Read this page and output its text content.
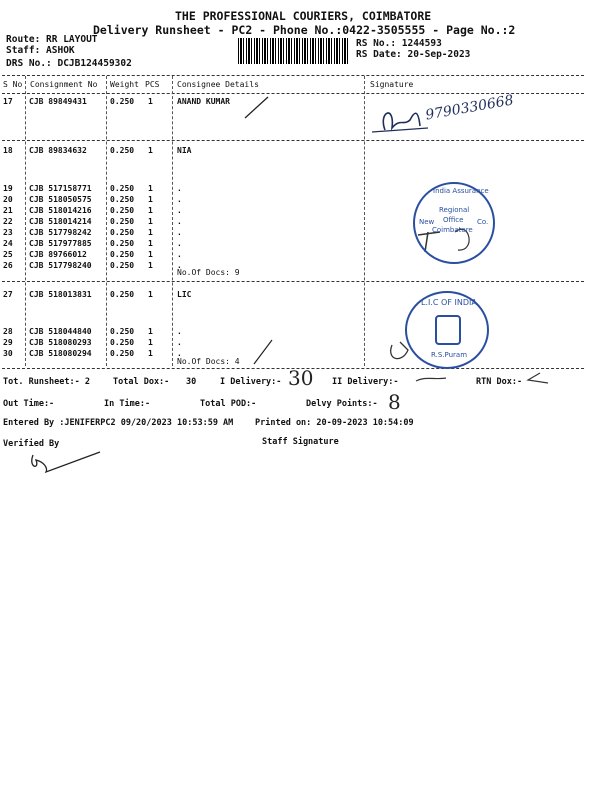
THE PROFESSIONAL COURIERS, COIMBATORE
Delivery Runsheet - PC2 - Phone No.:0422-3505555 - Page No.:2
Route: RR LAYOUT
Staff: ASHOK
DRS No.: DCJB124459302
RS No.: 1244593
RS Date: 20-Sep-2023
S No Consignment No Weight PCS Consignee Details	Signature
17 CJB 89849431	0.250 1	ANAND KUMAR
18 CJB 89834632	0.250 1	NIA
19 CJB 517158771 0.250 1	.
20 CJB 518050575 0.250 1	.
21 CJB 518014216 0.250 1	.
22 CJB 518014214 0.250 1	.
23 CJB 517798242 0.250 1	.
24 CJB 517977885 0.250 1	.
25 CJB 89766012	0.250 1	.
26 CJB 517798240 0.250 1	.
27 CJB 518013831 0.250 1	LIC
28 CJB 518044840 0.250 1	.
29 CJB 518080293 0.250 1	.
30 CJB 518080294 0.250 1	.
No.Of Docs: 9
No.Of Docs: 4
Tot. Runsheet:- 2	Total Dox:- 30	I Delivery:- 30 II Delivery:-	RTN Dox:-
Out Time:-	In Time:-	Total POD:-	Delvy Points:- 8
Entered By :JENIFERPC2 09/20/2023 10:53:59 AM	Printed on: 20-09-2023 10:54:09
Verified By	Staff Signature
9790330668
India Assurance
New	Co.
Regional
Office
Coimbatore
L.I.C OF INDIA
R.S.Puram
